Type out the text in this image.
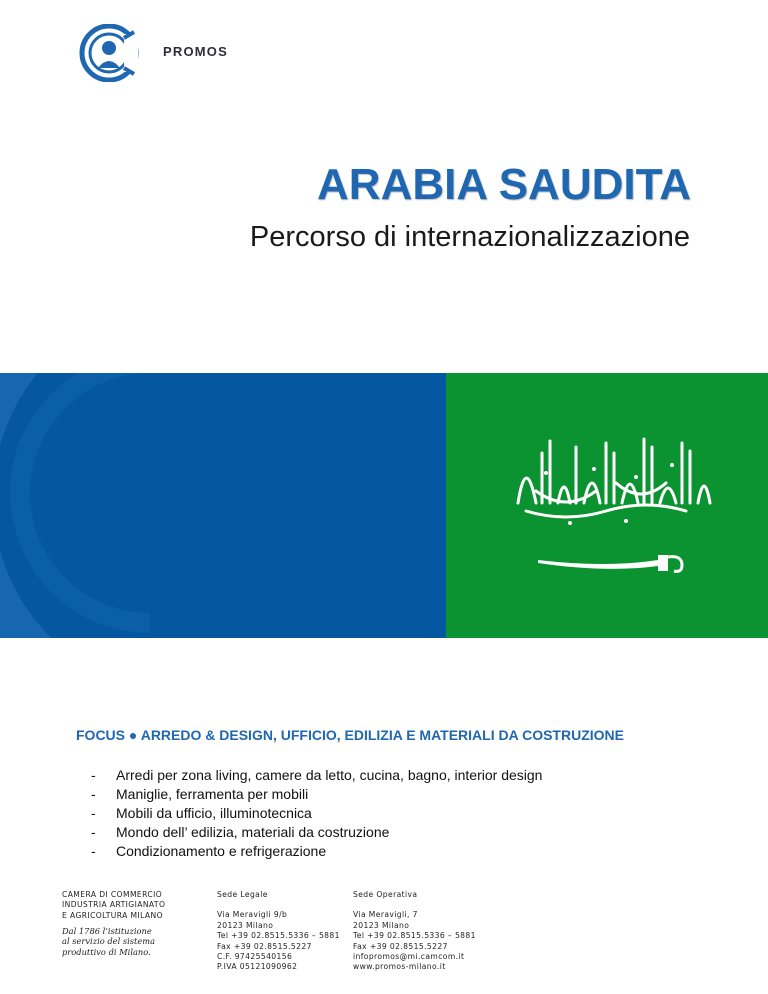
PROMOS
ARABIA SAUDITA
Percorso di internazionalizzazione
FOCUS ● ARREDO & DESIGN, UFFICIO, EDILIZIA E MATERIALI DA COSTRUZIONE
- Arredi per zona living, camere da letto, cucina, bagno, interior design
- Maniglie, ferramenta per mobili
- Mobili da ufficio, illuminotecnica
- Mondo dell’ edilizia, materiali da costruzione
- Condizionamento e refrigerazione
CAMERA DI COMMERCIO
INDUSTRIA ARTIGIANATO
E AGRICOLTURA MILANO
Dal 1786 l’istituzione
al servizio del sistema
produttivo di Milano.
Sede Legale
Via Meravigli 9/b
20123 Milano
Tel +39 02.8515.5336 – 5881
Fax +39 02.8515.5227
C.F. 97425540156
P.IVA 05121090962
Sede Operativa
Via Meravigli, 7
20123 Milano
Tel +39 02.8515.5336 – 5881
Fax +39 02.8515.5227
infopromos@mi.camcom.it
www.promos-milano.it
